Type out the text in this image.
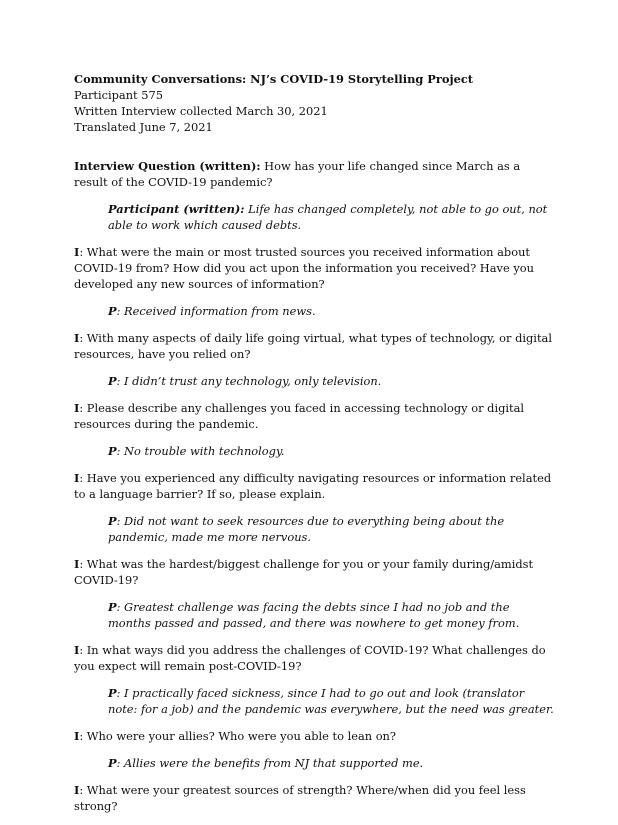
Community Conversations: NJ’s COVID-19 Storytelling Project
Participant 575
Written Interview collected March 30, 2021
Translated June 7, 2021

Interview Question (written): How has your life changed since March as a result of the COVID-19 pandemic?

Participant (written): Life has changed completely, not able to go out, not able to work which caused debts.

I: What were the main or most trusted sources you received information about COVID-19 from? How did you act upon the information you received? Have you developed any new sources of information?

P: Received information from news.

I: With many aspects of daily life going virtual, what types of technology, or digital resources, have you relied on?

P: I didn’t trust any technology, only television.

I: Please describe any challenges you faced in accessing technology or digital resources during the pandemic.

P: No trouble with technology.

I: Have you experienced any difficulty navigating resources or information related to a language barrier? If so, please explain.

P: Did not want to seek resources due to everything being about the pandemic, made me more nervous.

I: What was the hardest/biggest challenge for you or your family during/amidst COVID-19?

P: Greatest challenge was facing the debts since I had no job and the months passed and passed, and there was nowhere to get money from.

I: In what ways did you address the challenges of COVID-19? What challenges do you expect will remain post-COVID-19?

P: I practically faced sickness, since I had to go out and look (translator note: for a job) and the pandemic was everywhere, but the need was greater.

I: Who were your allies? Who were you able to lean on?

P: Allies were the benefits from NJ that supported me.

I: What were your greatest sources of strength? Where/when did you feel less strong?
